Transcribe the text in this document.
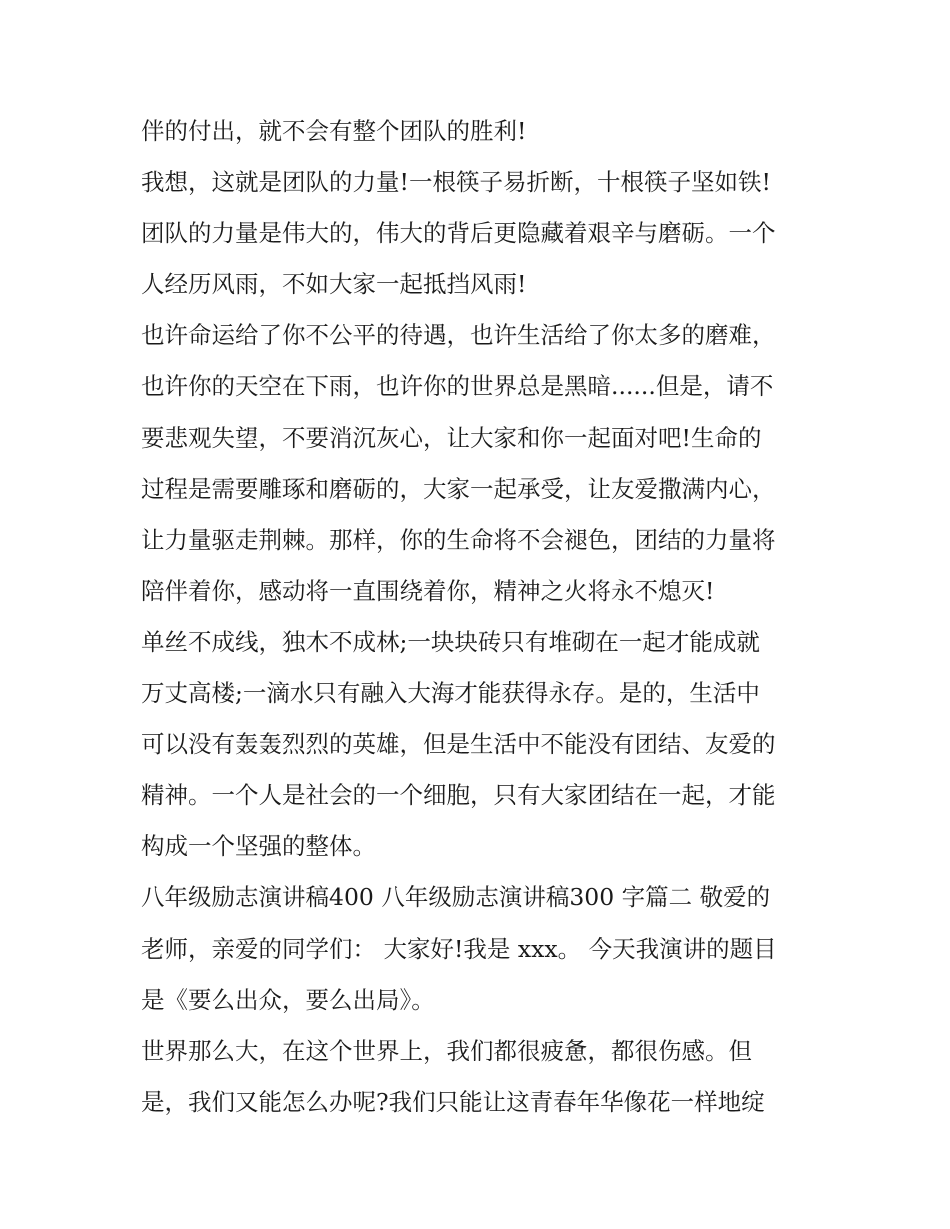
伴的付出，就不会有整个团队的胜利!
我想，这就是团队的力量!一根筷子易折断，十根筷子坚如铁!
团队的力量是伟大的，伟大的背后更隐藏着艰辛与磨砺。一个
人经历风雨，不如大家一起抵挡风雨!
也许命运给了你不公平的待遇，也许生活给了你太多的磨难，
也许你的天空在下雨，也许你的世界总是黑暗......但是，请不
要悲观失望，不要消沉灰心，让大家和你一起面对吧!生命的
过程是需要雕琢和磨砺的，大家一起承受，让友爱撒满内心，
让力量驱走荆棘。那样，你的生命将不会褪色，团结的力量将
陪伴着你，感动将一直围绕着你，精神之火将永不熄灭!
单丝不成线，独木不成林;一块块砖只有堆砌在一起才能成就
万丈高楼;一滴水只有融入大海才能获得永存。是的，生活中
可以没有轰轰烈烈的英雄，但是生活中不能没有团结、友爱的
精神。一个人是社会的一个细胞，只有大家团结在一起，才能
构成一个坚强的整体。
八年级励志演讲稿400 八年级励志演讲稿300 字篇二 敬爱的
老师，亲爱的同学们： 大家好!我是 xxx。 今天我演讲的题目
是《要么出众，要么出局》。
世界那么大，在这个世界上，我们都很疲惫，都很伤感。但
是，我们又能怎么办呢?我们只能让这青春年华像花一样地绽
